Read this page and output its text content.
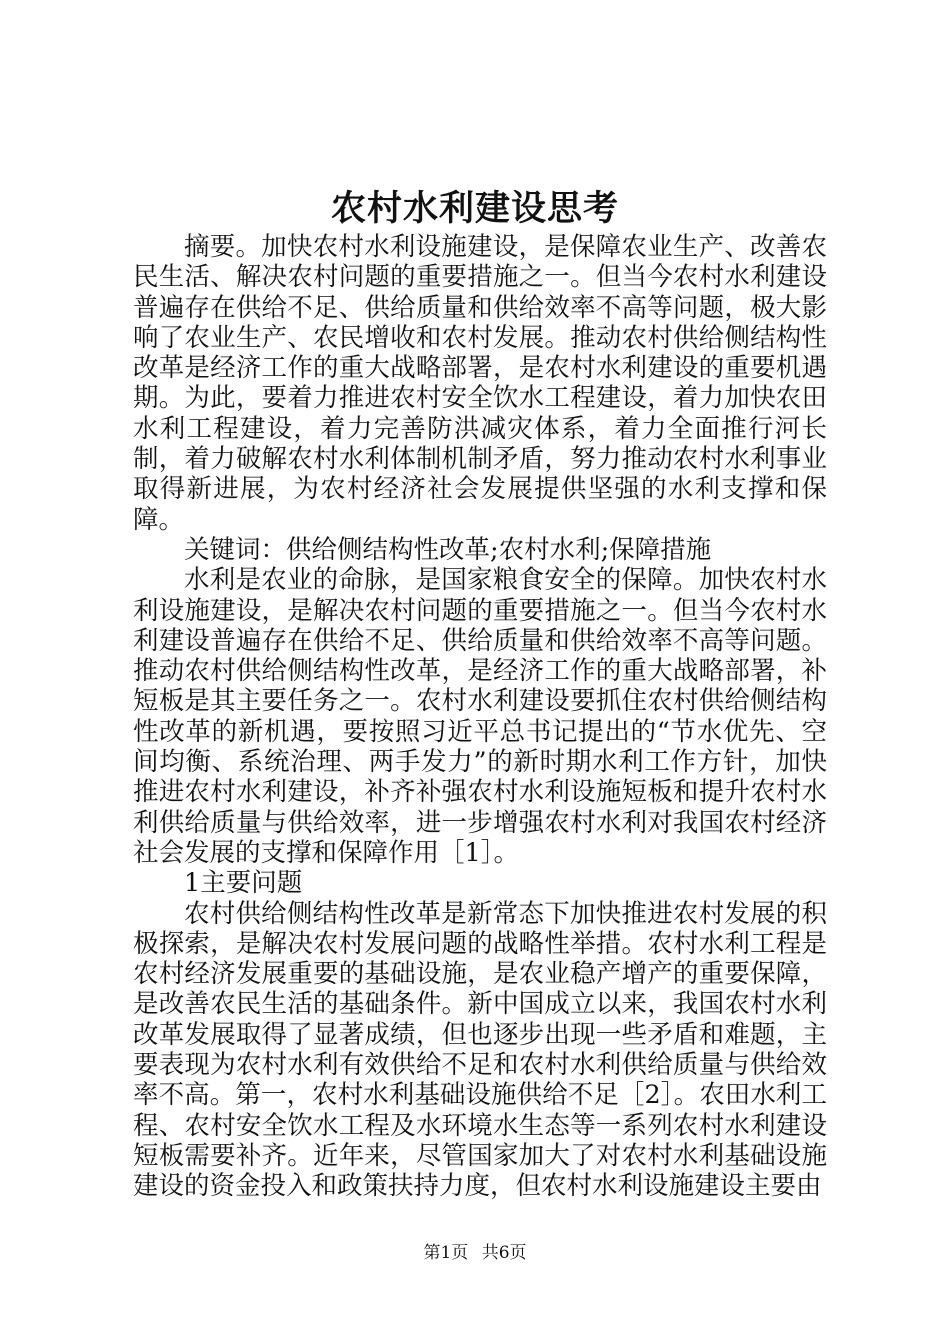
农村水利建设思考

摘要。加快农村水利设施建设，是保障农业生产、改善农民生活、解决农村问题的重要措施之一。但当今农村水利建设普遍存在供给不足、供给质量和供给效率不高等问题，极大影响了农业生产、农民增收和农村发展。推动农村供给侧结构性改革是经济工作的重大战略部署，是农村水利建设的重要机遇期。为此，要着力推进农村安全饮水工程建设，着力加快农田水利工程建设，着力完善防洪减灾体系，着力全面推行河长制，着力破解农村水利体制机制矛盾，努力推动农村水利事业取得新进展，为农村经济社会发展提供坚强的水利支撑和保障。

关键词：供给侧结构性改革;农村水利;保障措施

水利是农业的命脉，是国家粮食安全的保障。加快农村水利设施建设，是解决农村问题的重要措施之一。但当今农村水利建设普遍存在供给不足、供给质量和供给效率不高等问题。推动农村供给侧结构性改革，是经济工作的重大战略部署，补短板是其主要任务之一。农村水利建设要抓住农村供给侧结构性改革的新机遇，要按照习近平总书记提出的“节水优先、空间均衡、系统治理、两手发力”的新时期水利工作方针，加快推进农村水利建设，补齐补强农村水利设施短板和提升农村水利供给质量与供给效率，进一步增强农村水利对我国农村经济社会发展的支撑和保障作用［1］。

1主要问题

农村供给侧结构性改革是新常态下加快推进农村发展的积极探索，是解决农村发展问题的战略性举措。农村水利工程是农村经济发展重要的基础设施，是农业稳产增产的重要保障，是改善农民生活的基础条件。新中国成立以来，我国农村水利改革发展取得了显著成绩，但也逐步出现一些矛盾和难题，主要表现为农村水利有效供给不足和农村水利供给质量与供给效率不高。第一，农村水利基础设施供给不足［2］。农田水利工程、农村安全饮水工程及水环境水生态等一系列农村水利建设短板需要补齐。近年来，尽管国家加大了对农村水利基础设施建设的资金投入和政策扶持力度，但农村水利设施建设主要由

第1页 共6页
